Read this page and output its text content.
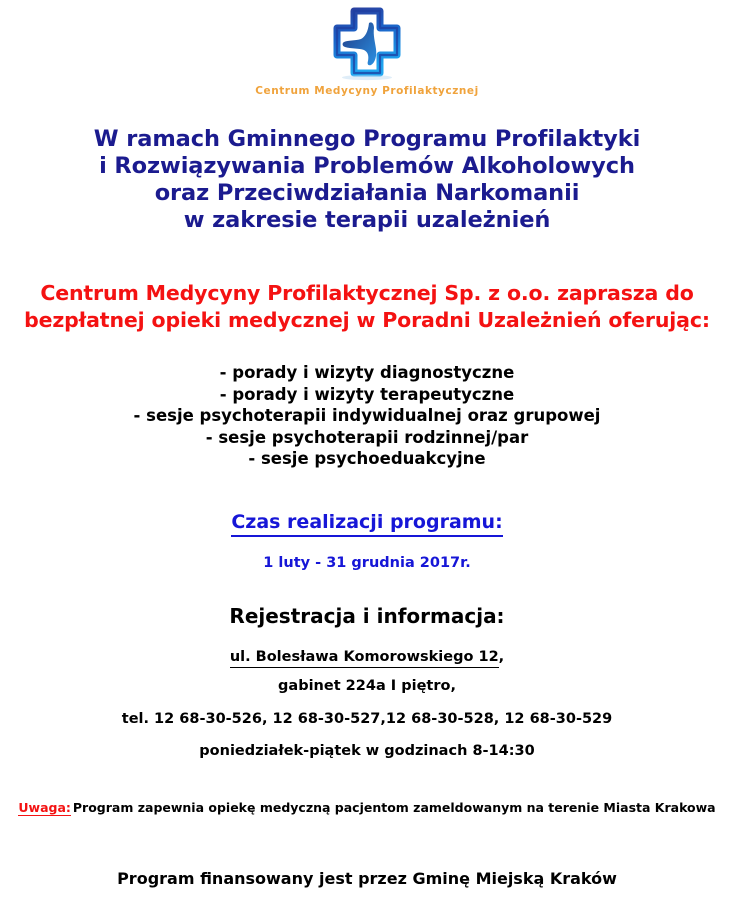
Centrum Medycyny Profilaktycznej
W ramach Gminnego Programu Profilaktyki
i Rozwiązywania Problemów Alkoholowych
oraz Przeciwdziałania Narkomanii
w zakresie terapii uzależnień
Centrum Medycyny Profilaktycznej Sp. z o.o. zaprasza do
bezpłatnej opieki medycznej w Poradni Uzależnień oferując:
- porady i wizyty diagnostyczne
- porady i wizyty terapeutyczne
- sesje psychoterapii indywidualnej oraz grupowej
- sesje psychoterapii rodzinnej/par
- sesje psychoeduakcyjne
Czas realizacji programu:
1 luty - 31 grudnia 2017r.
Rejestracja i informacja:
ul. Bolesława Komorowskiego 12,
gabinet 224a I piętro,
tel. 12 68-30-526, 12 68-30-527,12 68-30-528, 12 68-30-529
poniedziałek-piątek w godzinach 8-14:30
Uwaga: Program zapewnia opiekę medyczną pacjentom zameldowanym na terenie Miasta Krakowa
Program finansowany jest przez Gminę Miejską Kraków
